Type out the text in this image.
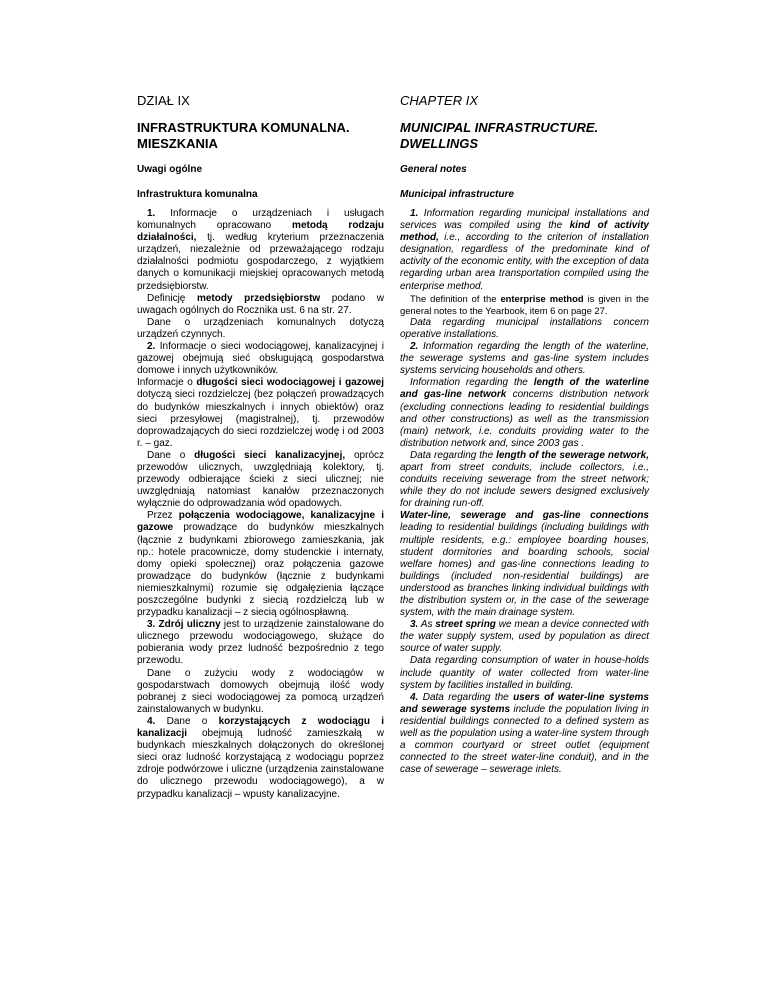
DZIAŁ IX
INFRASTRUKTURA KOMUNALNA.
MIESZKANIA
Uwagi ogólne
Infrastruktura komunalna

1. Informacje o urządzeniach i usługach komunalnych opracowano metodą rodzaju działalności, tj. według kryterium przeznaczenia urządzeń, niezależnie od przeważającego rodzaju działalności podmiotu gospodarczego, z wyjątkiem danych o komunikacji miejskiej opracowanych metodą przedsiębiorstw.

Definicję metody przedsiębiorstw podano w uwagach ogólnych do Rocznika ust. 6 na str. 27.

Dane o urządzeniach komunalnych dotyczą urządzeń czynnych.

2. Informacje o sieci wodociągowej, kanalizacyjnej i gazowej obejmują sieć obsługującą gospodarstwa domowe i innych użytkowników.

Informacje o długości sieci wodociągowej i gazowej dotyczą sieci rozdzielczej (bez połączeń prowadzących do budynków mieszkalnych i innych obiektów) oraz sieci przesyłowej (magistralnej), tj. przewodów doprowadzających do sieci rozdzielczej wodę i od 2003 r. – gaz.

Dane o długości sieci kanalizacyjnej, oprócz przewodów ulicznych, uwzględniają kolektory, tj. przewody odbierające ścieki z sieci ulicznej; nie uwzględniają natomiast kanałów przeznaczonych wyłącznie do odprowadzania wód opadowych.

Przez połączenia wodociągowe, kanalizacyjne i gazowe prowadzące do budynków mieszkalnych (łącznie z budynkami zbiorowego zamieszkania, jak np.: hotele pracownicze, domy studenckie i internaty, domy opieki społecznej) oraz połączenia gazowe prowadzące do budynków (łącznie z budynkami niemieszkalnymi) rozumie się odgałęzienia łączące poszczególne budynki z siecią rozdzielczą lub w przypadku kanalizacji – z siecią ogólnospławną.

3. Zdrój uliczny jest to urządzenie zainstalowane do ulicznego przewodu wodociągowego, służące do pobierania wody przez ludność bezpośrednio z tego przewodu.

Dane o zużyciu wody z wodociągów w gospodarstwach domowych obejmują ilość wody pobranej z sieci wodociągowej za pomocą urządzeń zainstalowanych w budynku.

4. Dane o korzystających z wodociągu i kanalizacji obejmują ludność zamieszkałą w budynkach mieszkalnych dołączonych do określonej sieci oraz ludność korzystającą z wodociągu poprzez zdroje podwórzowe i uliczne (urządzenia zainstalowane do ulicznego przewodu wodociągowego), a w przypadku kanalizacji – wpusty kanalizacyjne.

CHAPTER IX
MUNICIPAL INFRASTRUCTURE.
DWELLINGS
General notes
Municipal infrastructure

1. Information regarding municipal installations and services was compiled using the kind of activity method, i.e., according to the criterion of installation designation, regardless of the predominate kind of activity of the economic entity, with the exception of data regarding urban area transportation compiled using the enterprise method.

The definition of the enterprise method is given in the general notes to the Yearbook, item 6 on page 27.

Data regarding municipal installations concern operative installations.

2. Information regarding the length of the waterline, the sewerage systems and gas-line system includes systems servicing households and others.

Information regarding the length of the waterline and gas-line network concerns distribution network (excluding connections leading to residential buildings and other constructions) as well as the transmission (main) network, i.e. conduits providing water to the distribution network and, since 2003 gas .

Data regarding the length of the sewerage network, apart from street conduits, include collectors, i.e., conduits receiving sewerage from the street network; while they do not include sewers designed exclusively for draining run-off.

Water-line, sewerage and gas-line connections leading to residential buildings (including buildings with multiple residents, e.g.: employee boarding houses, student dormitories and boarding schools, social welfare homes) and gas-line connections leading to buildings (included non-residential buildings) are understood as branches linking individual buildings with the distribution system or, in the case of the sewerage system, with the main drainage system.

3. As street spring we mean a device connected with the water supply system, used by population as direct source of water supply.

Data regarding consumption of water in house-holds include quantity of water collected from water-line system by facilities installed in building.

4. Data regarding the users of water-line systems and sewerage systems include the population living in residential buildings connected to a defined system as well as the population using a water-line system through a common courtyard or street outlet (equipment connected to the street water-line conduit), and in the case of sewerage – sewerage inlets.
